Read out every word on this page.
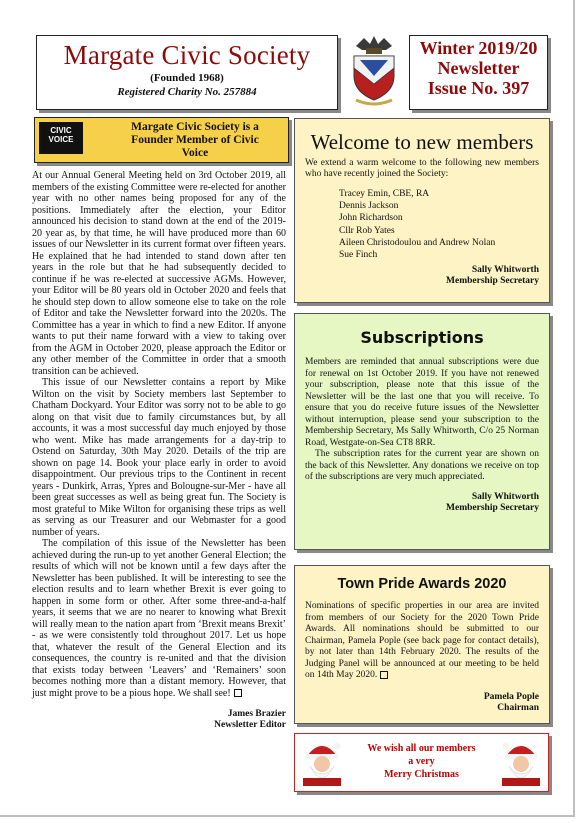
Margate Civic Society
(Founded 1968)
Registered Charity No. 257884
Winter 2019/20
Newsletter
Issue No. 397
CIVIC VOICE
Margate Civic Society is a Founder Member of Civic Voice

At our Annual General Meeting held on 3rd October 2019, all members of the existing Committee were re-elected for another year with no other names being proposed for any of the positions. Immediately after the election, your Editor announced his decision to stand down at the end of the 2019-20 year as, by that time, he will have produced more than 60 issues of our Newsletter in its current format over fifteen years. He explained that he had intended to stand down after ten years in the role but that he had subsequently decided to continue if he was re-elected at successive AGMs. However, your Editor will be 80 years old in October 2020 and feels that he should step down to allow someone else to take on the role of Editor and take the Newsletter forward into the 2020s. The Committee has a year in which to find a new Editor. If anyone wants to put their name forward with a view to taking over from the AGM in October 2020, please approach the Editor or any other member of the Committee in order that a smooth transition can be achieved.

This issue of our Newsletter contains a report by Mike Wilton on the visit by Society members last September to Chatham Dockyard. Your Editor was sorry not to be able to go along on that visit due to family circumstances but, by all accounts, it was a most successful day much enjoyed by those who went. Mike has made arrangements for a day-trip to Ostend on Saturday, 30th May 2020. Details of the trip are shown on page 14. Book your place early in order to avoid disappointment. Our previous trips to the Continent in recent years - Dunkirk, Arras, Ypres and Bolougne-sur-Mer - have all been great successes as well as being great fun. The Society is most grateful to Mike Wilton for organising these trips as well as serving as our Treasurer and our Webmaster for a good number of years.

The compilation of this issue of the Newsletter has been achieved during the run-up to yet another General Election; the results of which will not be known until a few days after the Newsletter has been published. It will be interesting to see the election results and to learn whether Brexit is ever going to happen in some form or other. After some three-and-a-half years, it seems that we are no nearer to knowing what Brexit will really mean to the nation apart from ‘Brexit means Brexit’ - as we were consistently told throughout 2017. Let us hope that, whatever the result of the General Election and its consequences, the country is re-united and that the division that exists today between ‘Leavers’ and ‘Remainers’ soon becomes nothing more than a distant memory. However, that just might prove to be a pious hope. We shall see!

James Brazier
Newsletter Editor
Welcome to new members
We extend a warm welcome to the following new members who have recently joined the Society:
Tracey Emin, CBE, RA
Dennis Jackson
John Richardson
Cllr Rob Yates
Aileen Christodoulou and Andrew Nolan
Sue Finch
Sally Whitworth
Membership Secretary
Subscriptions

Members are reminded that annual subscriptions were due for renewal on 1st October 2019. If you have not renewed your subscription, please note that this issue of the Newsletter will be the last one that you will receive. To ensure that you do receive future issues of the Newsletter without interruption, please send your subscription to the Membership Secretary, Ms Sally Whitworth, C/o 25 Norman Road, Westgate-on-Sea CT8 8RR.

The subscription rates for the current year are shown on the back of this Newsletter. Any donations we receive on top of the subscriptions are very much appreciated.

Sally Whitworth
Membership Secretary
Town Pride Awards 2020

Nominations of specific properties in our area are invited from members of our Society for the 2020 Town Pride Awards. All nominations should be submitted to our Chairman, Pamela Pople (see back page for contact details), by not later than 14th February 2020. The results of the Judging Panel will be announced at our meeting to be held on 14th May 2020.

Pamela Pople
Chairman
We wish all our members
a very
Merry Christmas
